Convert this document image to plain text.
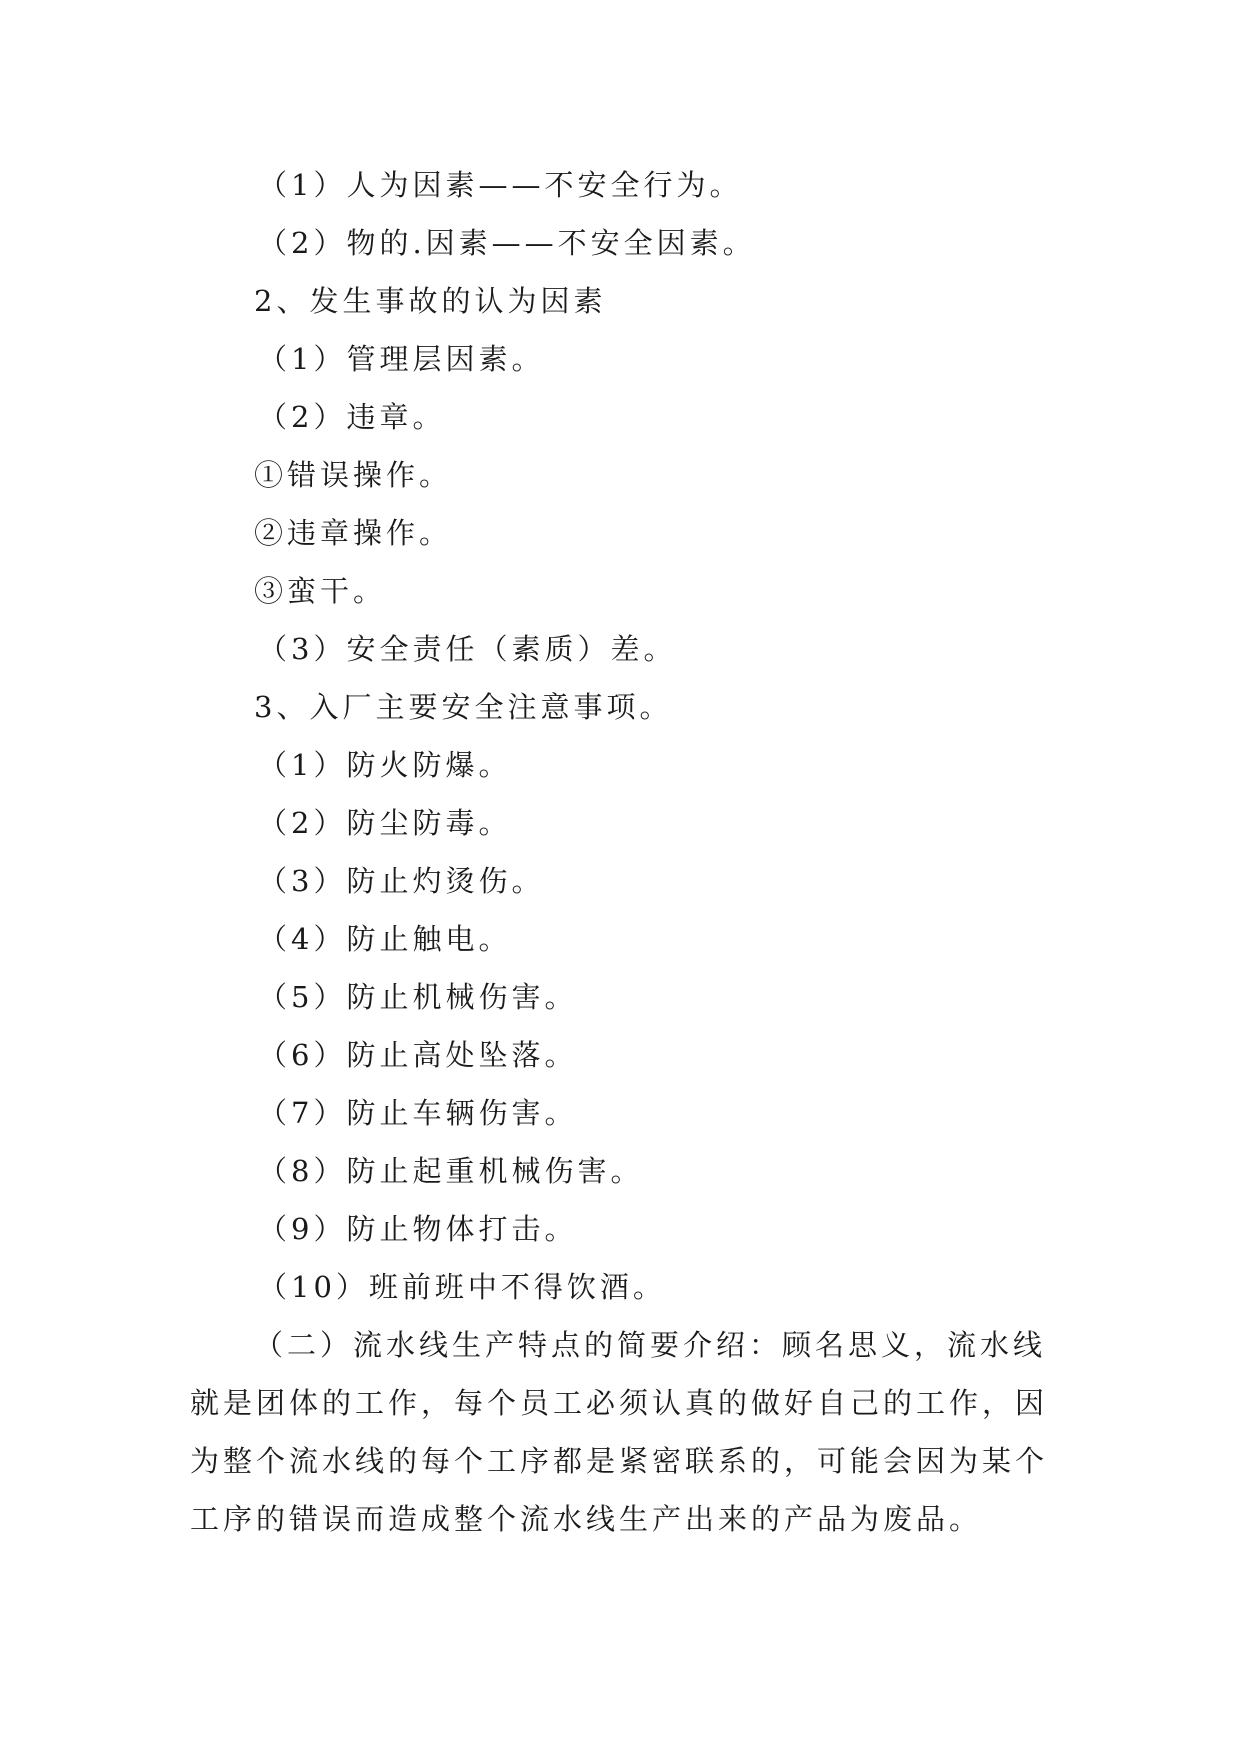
（1）人为因素——不安全行为。
（2）物的.因素——不安全因素。
2、发生事故的认为因素
（1）管理层因素。
（2）违章。
①错误操作。
②违章操作。
③蛮干。
（3）安全责任（素质）差。
3、入厂主要安全注意事项。
（1）防火防爆。
（2）防尘防毒。
（3）防止灼烫伤。
（4）防止触电。
（5）防止机械伤害。
（6）防止高处坠落。
（7）防止车辆伤害。
（8）防止起重机械伤害。
（9）防止物体打击。
（10）班前班中不得饮酒。
（二）流水线生产特点的简要介绍：顾名思义，流水线
就是团体的工作，每个员工必须认真的做好自己的工作，因
为整个流水线的每个工序都是紧密联系的，可能会因为某个
工序的错误而造成整个流水线生产出来的产品为废品。
